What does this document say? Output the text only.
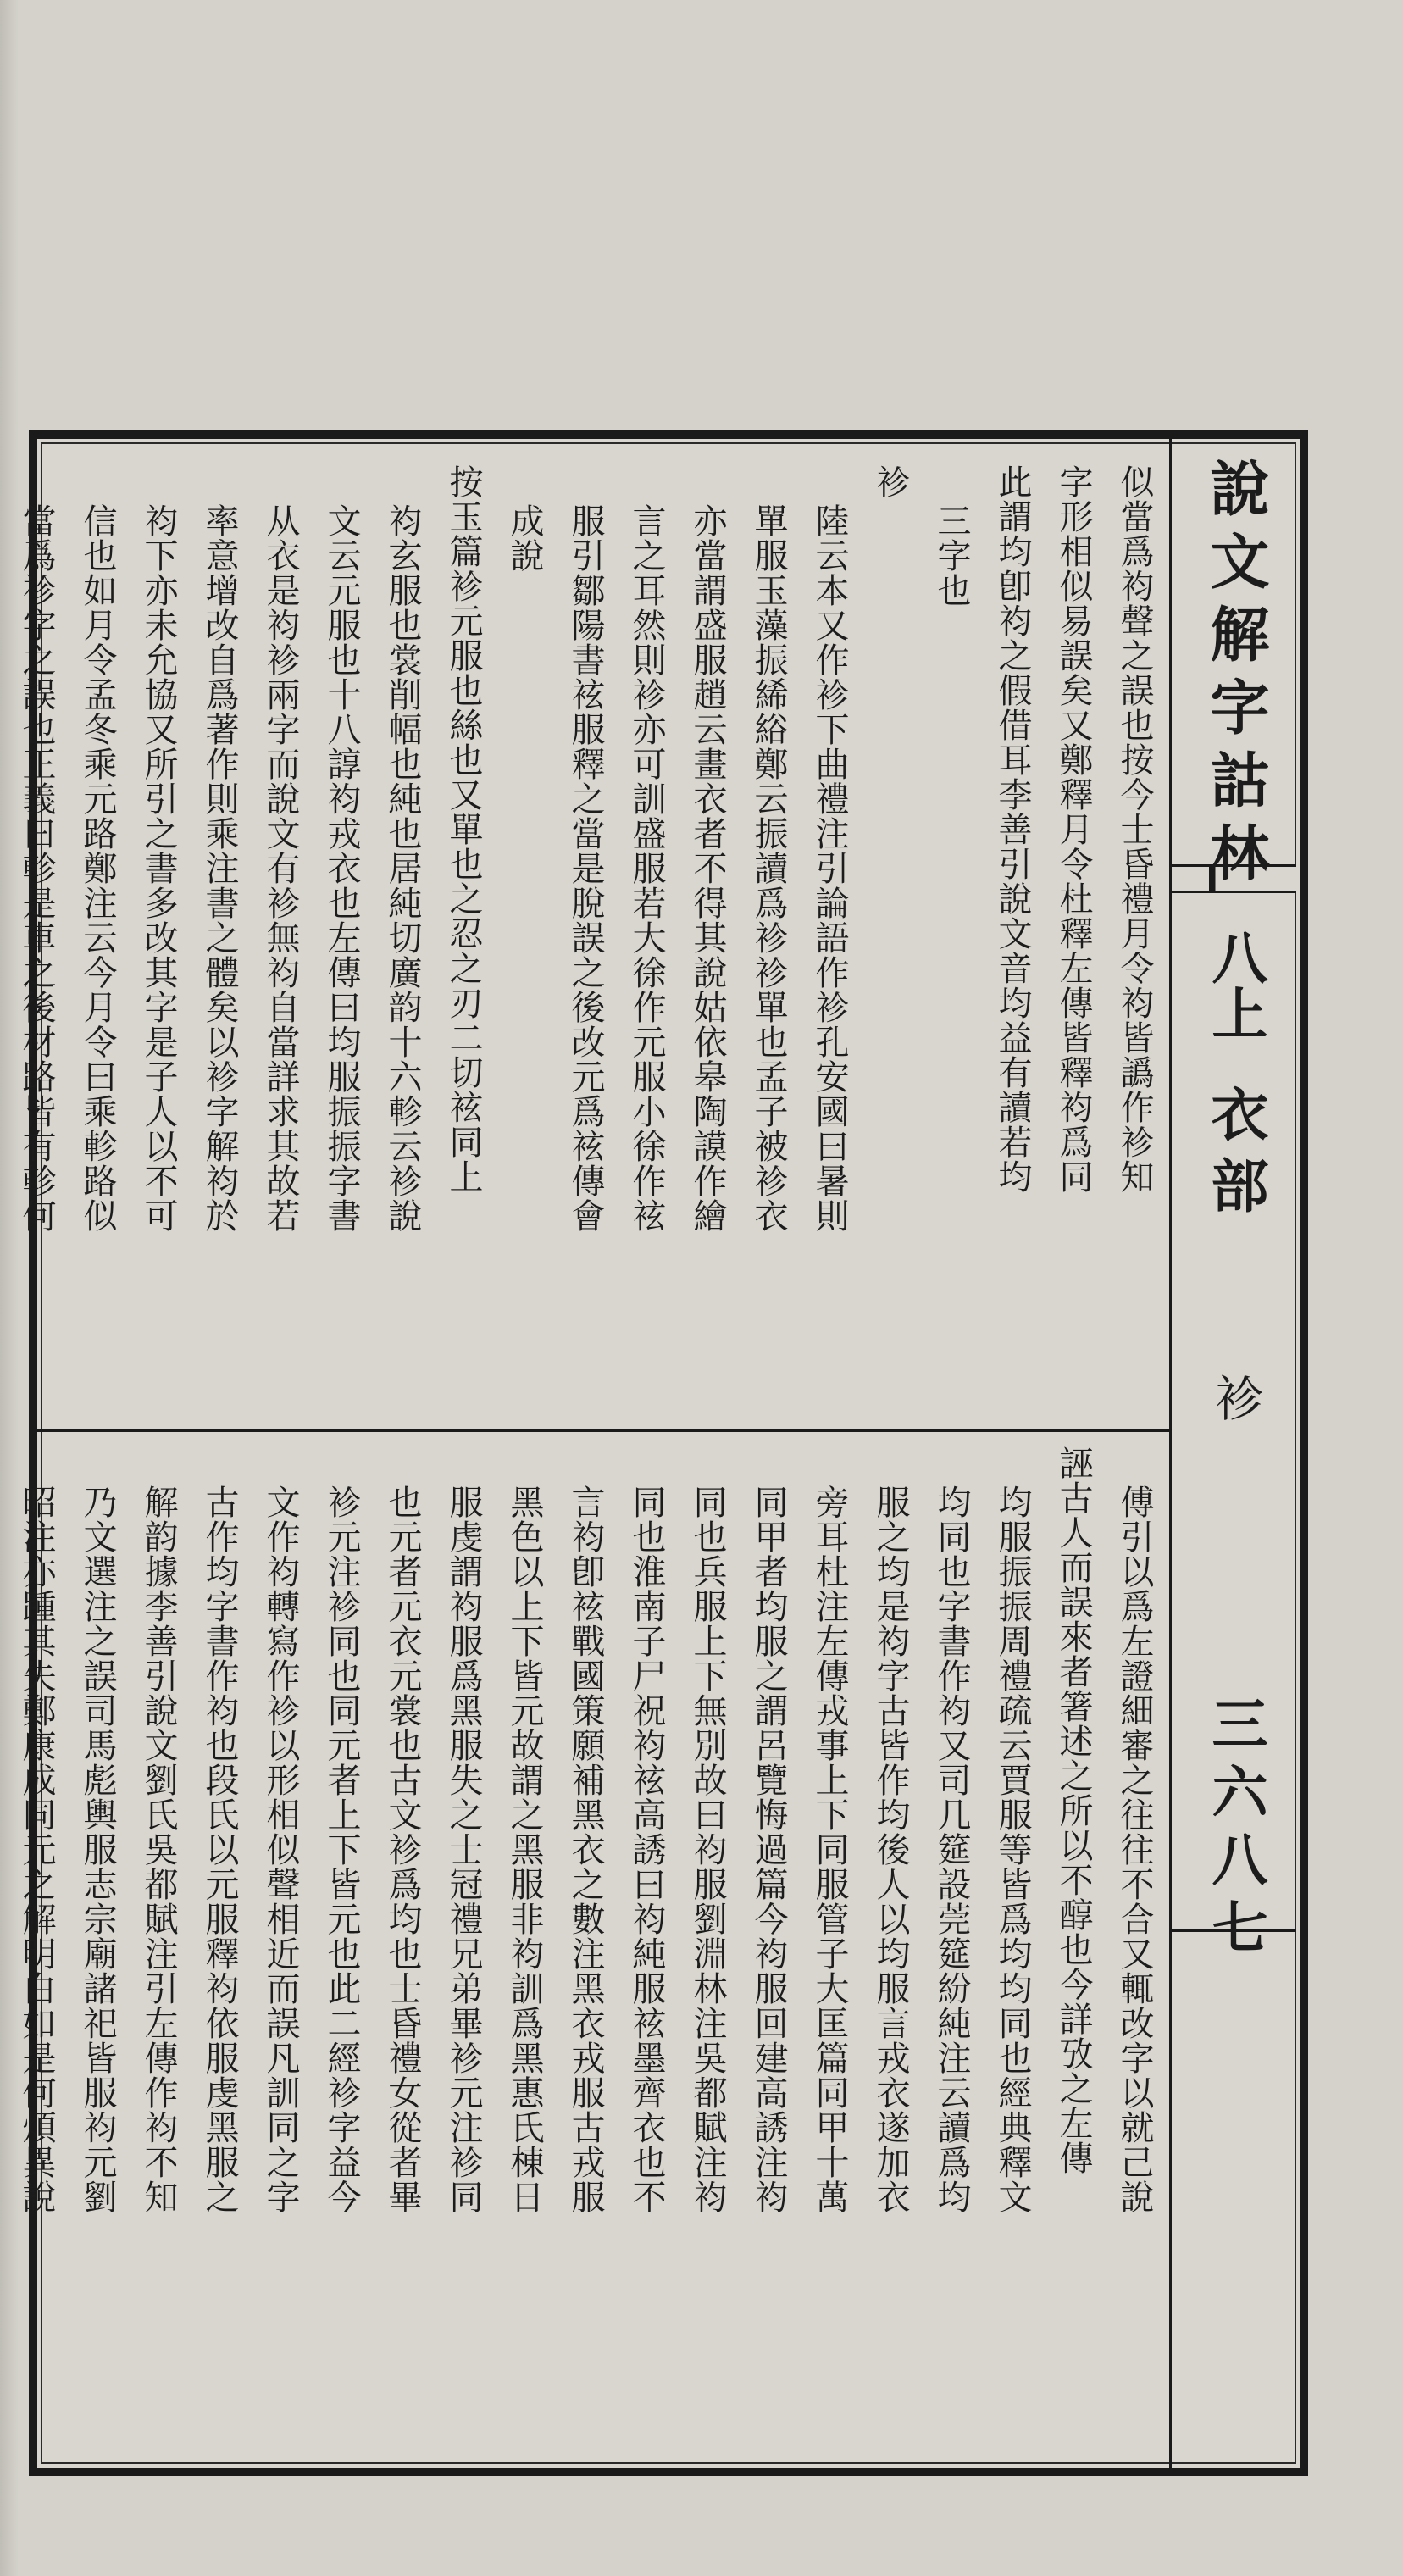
說文解字詁林
八上
衣部
袗
三六八七
似當爲袀聲之誤也按今士昏禮月令袀皆譌作袗知
字形相似易誤矣又鄭釋月令杜釋左傳皆釋袀爲同
此謂均卽袀之假借耳李善引說文音均益有讀若均
三字也
袗
陸云本又作袗下曲禮注引論語作袗孔安國曰暑則
單服玉藻振絺綌鄭云振讀爲袗袗單也孟子被袗衣
亦當謂盛服趙云畫衣者不得其說姑依皋陶謨作繪
言之耳然則袗亦可訓盛服若大徐作元服小徐作袨
服引鄒陽書袨服釋之當是脫誤之後改元爲袨傳會
成說
按玉篇袗元服也絲也又單也之忍之刃二切袨同上
袀玄服也裳削幅也純也居純切廣韵十六軫云袗說
文云元服也十八諄袀戎衣也左傳曰均服振振字書
从衣是袀袗兩字而說文有袗無袀自當詳求其故若
率意增改自爲著作則乘注書之體矣以袗字解袀於
袀下亦未允協又所引之書多改其字是子人以不可
信也如月令孟冬乘元路鄭注云今月令曰乘軫路似
當爲袗字之誤也正義曰軫是車之後材路皆有軫何
傅引以爲左證細審之往往不合又輒改字以就己說
誣古人而誤來者箸述之所以不醇也今詳攷之左傳
均服振振周禮疏云賈服等皆爲均均同也經典釋文
均同也字書作袀又司几筵設莞筵紛純注云讀爲均
服之均是袀字古皆作均後人以均服言戎衣遂加衣
旁耳杜注左傳戎事上下同服管子大匡篇同甲十萬
同甲者均服之謂呂覽悔過篇今袀服回建高誘注袀
同也兵服上下無別故曰袀服劉淵林注吳都賦注袀
同也淮南子尸祝袀袨高誘曰袀純服袨墨齊衣也不
言袀卽袨戰國策願補黑衣之數注黑衣戎服古戎服
黑色以上下皆元故謂之黑服非袀訓爲黑惠氏棟日
服虔謂袀服爲黑服失之士冠禮兄弟畢袗元注袗同
也元者元衣元裳也古文袗爲均也士昏禮女從者畢
袗元注袗同也同元者上下皆元也此二經袗字益今
文作袀轉寫作袗以形相似聲相近而誤凡訓同之字
古作均字書作袀也段氏以元服釋袀依服虔黑服之
解韵據李善引說文劉氏吳都賦注引左傳作袀不知
乃文選注之誤司馬彪輿服志宗廟諸祀皆服袀元劉
昭注亦踵其失鄭康成同元之解明白如是何煩異說
